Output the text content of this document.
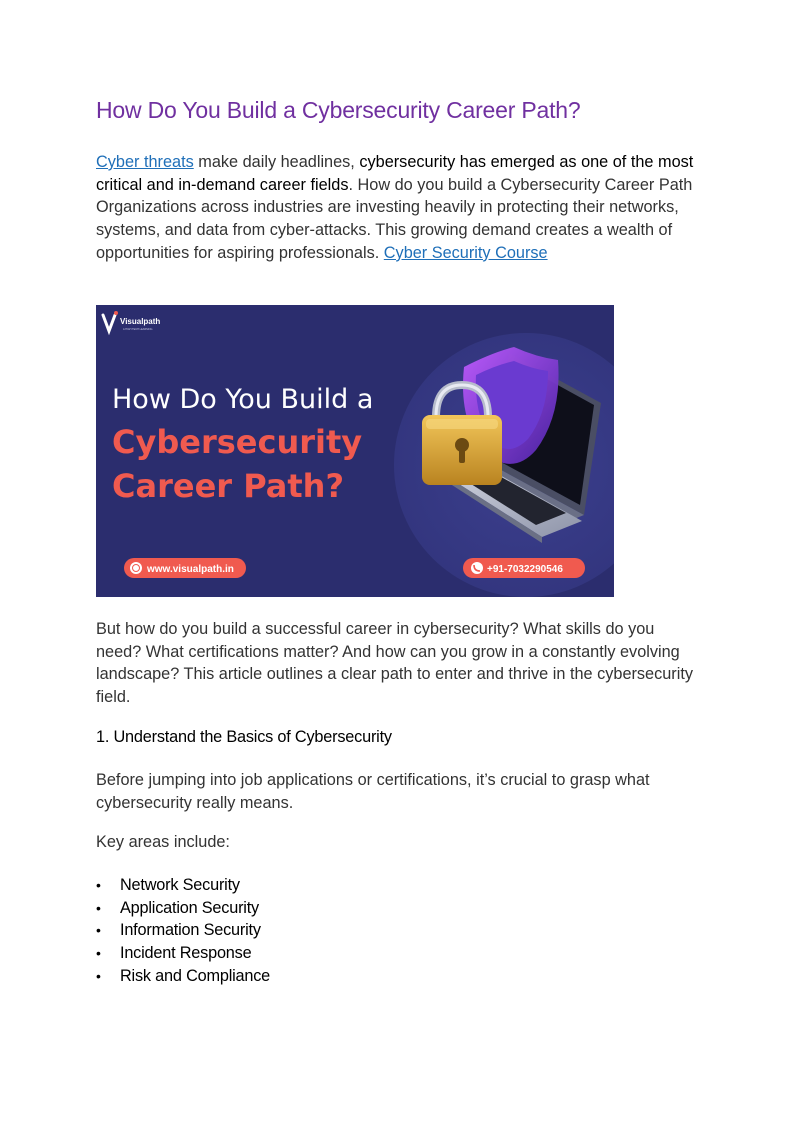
How Do You Build a Cybersecurity Career Path?

Cyber threats make daily headlines, cybersecurity has emerged as one of the most critical and in-demand career fields. How do you build a Cybersecurity Career Path Organizations across industries are investing heavily in protecting their networks, systems, and data from cyber-attacks. This growing demand creates a wealth of opportunities for aspiring professionals. Cyber Security Course

Visualpath
A HIGH TECH LEARNING
How Do You Build a
Cybersecurity
Career Path?
www.visualpath.in	+91-7032290546

But how do you build a successful career in cybersecurity? What skills do you need? What certifications matter? And how can you grow in a constantly evolving landscape? This article outlines a clear path to enter and thrive in the cybersecurity field.

1. Understand the Basics of Cybersecurity

Before jumping into job applications or certifications, it’s crucial to grasp what cybersecurity really means.

Key areas include:

• Network Security
• Application Security
• Information Security
• Incident Response
• Risk and Compliance
